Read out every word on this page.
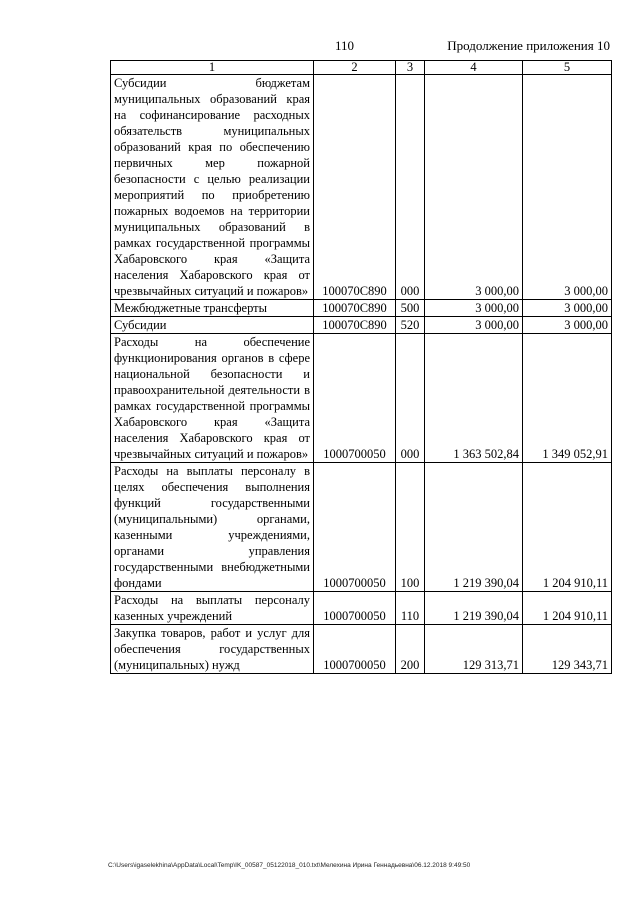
110	Продолжение приложения 10
1	2	3	4	5
Субсидии бюджетам муниципальных образований края на софинансирование расходных обязательств муниципальных образований края по обеспечению первичных мер пожарной безопасности с целью реализации мероприятий по приобретению пожарных водоемов на территории муниципальных образований в рамках государственной программы Хабаровского края «Защита населения Хабаровского края от чрезвычайных ситуаций и пожаров»	100070С890	000	3 000,00	3 000,00
Межбюджетные трансферты	100070С890	500	3 000,00	3 000,00
Субсидии	100070С890	520	3 000,00	3 000,00
Расходы на обеспечение функционирования органов в сфере национальной безопасности и правоохранительной деятельности в рамках государственной программы Хабаровского края «Защита населения Хабаровского края от чрезвычайных ситуаций и пожаров»	1000700050	000	1 363 502,84	1 349 052,91
Расходы на выплаты персоналу в целях обеспечения выполнения функций государственными (муниципальными) органами, казенными учреждениями, органами управления государственными внебюджетными фондами	1000700050	100	1 219 390,04	1 204 910,11
Расходы на выплаты персоналу казенных учреждений	1000700050	110	1 219 390,04	1 204 910,11
Закупка товаров, работ и услуг для обеспечения государственных (муниципальных) нужд	1000700050	200	129 313,71	129 343,71
C:\Users\igaselekhina\AppData\Local\Temp\IK_00587_05122018_010.txt\Мелехина Ирина Геннадьевна\06.12.2018 9:49:50
